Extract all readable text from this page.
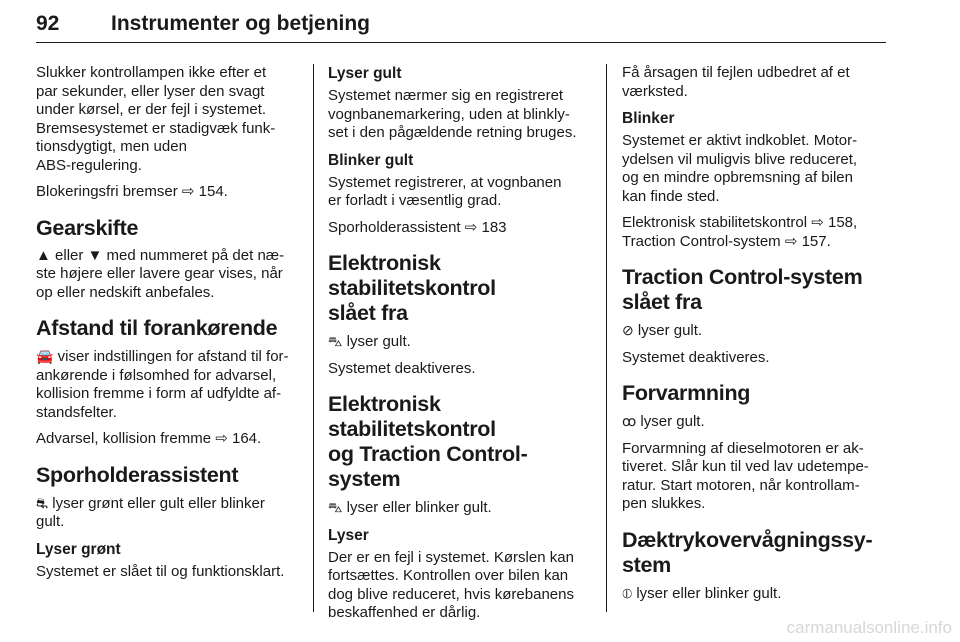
92 Instrumenter og betjening

Slukker kontrollampen ikke efter et
par sekunder, eller lyser den svagt
under kørsel, er der fejl i systemet.
Bremsesystemet er stadigvæk funk-
tionsdygtigt, men uden
ABS-regulering.

Blokeringsfri bremser ⇨ 154.

Gearskifte

▲ eller ▼ med nummeret på det næ-
ste højere eller lavere gear vises, når
op eller nedskift anbefales.

Afstand til forankørende

🚘 viser indstillingen for afstand til for-
ankørende i følsomhed for advarsel,
kollision fremme i form af udfyldte af-
standsfelter.

Advarsel, kollision fremme ⇨ 164.

Sporholderassistent

⛐ lyser grønt eller gult eller blinker
gult.

Lyser grønt

Systemet er slået til og funktionsklart.

Lyser gult

Systemet nærmer sig en registreret
vognbanemarkering, uden at blinkly-
set i den pågældende retning bruges.

Blinker gult

Systemet registrerer, at vognbanen
er forladt i væsentlig grad.

Sporholderassistent ⇨ 183

Elektronisk stabilitetskontrol
slået fra

⛍ lyser gult.

Systemet deaktiveres.

Elektronisk stabilitetskontrol
og Traction Control-system

⛍ lyser eller blinker gult.

Lyser

Der er en fejl i systemet. Kørslen kan
fortsættes. Kontrollen over bilen kan
dog blive reduceret, hvis kørebanens
beskaffenhed er dårlig.

Få årsagen til fejlen udbedret af et
værksted.

Blinker

Systemet er aktivt indkoblet. Motor-
ydelsen vil muligvis blive reduceret,
og en mindre opbremsning af bilen
kan finde sted.

Elektronisk stabilitetskontrol ⇨ 158,
Traction Control-system ⇨ 157.

Traction Control-system
slået fra

⊘ lyser gult.

Systemet deaktiveres.

Forvarmning

ꝏ lyser gult.

Forvarmning af dieselmotoren er ak-
tiveret. Slår kun til ved lav udetempe-
ratur. Start motoren, når kontrollam-
pen slukkes.

Dæktrykovervågningssy-
stem

⦶ lyser eller blinker gult.

carmanualsonline.info
